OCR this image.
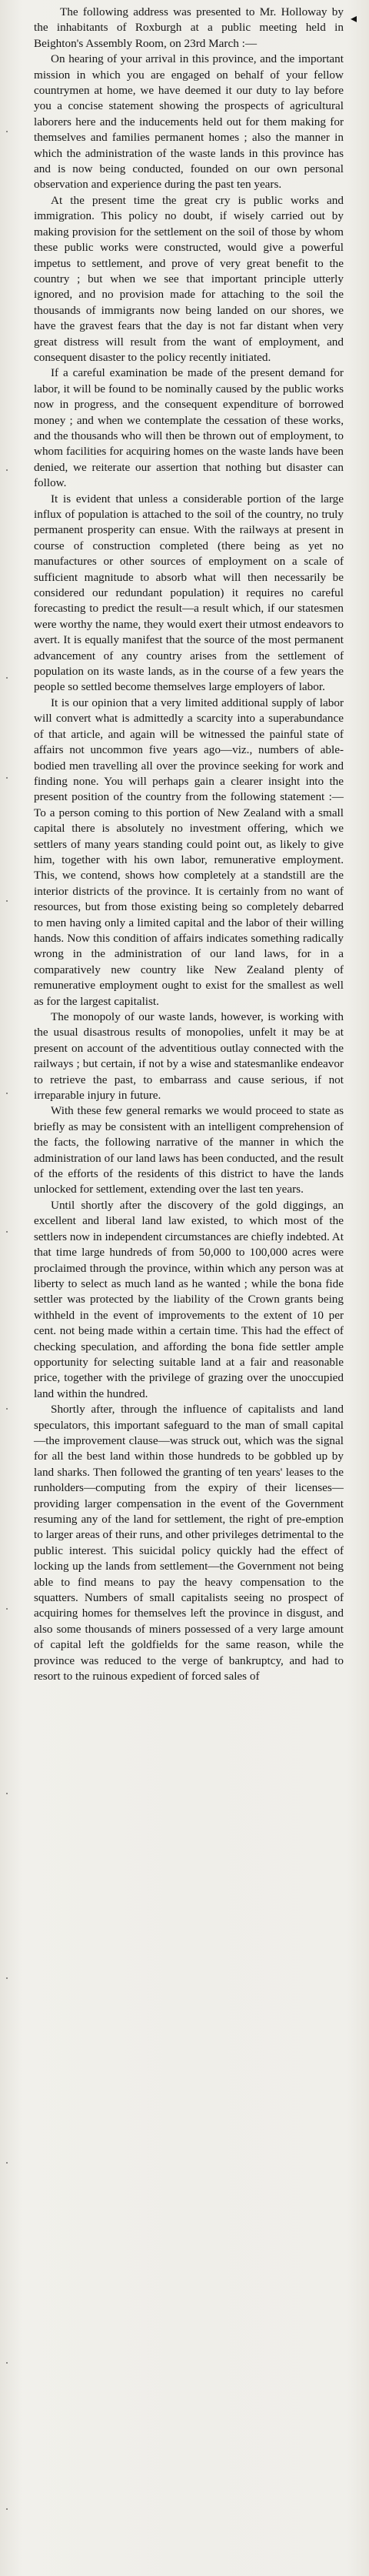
◂

The following address was presented to Mr. Holloway by the inhabitants of Roxburgh at a public meeting held in Beighton's Assembly Room, on 23rd March :—

On hearing of your arrival in this province, and the important mission in which you are engaged on behalf of your fellow countrymen at home, we have deemed it our duty to lay before you a concise statement showing the prospects of agricultural laborers here and the inducements held out for them making for themselves and families permanent homes ; also the manner in which the administration of the waste lands in this province has and is now being conducted, founded on our own personal observation and experience during the past ten years.

At the present time the great cry is public works and immigration. This policy no doubt, if wisely carried out by making provision for the settlement on the soil of those by whom these public works were constructed, would give a powerful impetus to settlement, and prove of very great benefit to the country ; but when we see that important principle utterly ignored, and no provision made for attaching to the soil the thousands of immigrants now being landed on our shores, we have the gravest fears that the day is not far distant when very great distress will result from the want of employment, and consequent disaster to the policy recently initiated.

If a careful examination be made of the present demand for labor, it will be found to be nominally caused by the public works now in progress, and the consequent expenditure of borrowed money ; and when we contemplate the cessation of these works, and the thousands who will then be thrown out of employment, to whom facilities for acquiring homes on the waste lands have been denied, we reiterate our assertion that nothing but disaster can follow.

It is evident that unless a considerable portion of the large influx of population is attached to the soil of the country, no truly permanent prosperity can ensue. With the railways at present in course of construction completed (there being as yet no manufactures or other sources of employment on a scale of sufficient magnitude to absorb what will then necessarily be considered our redundant population) it requires no careful forecasting to predict the result—a result which, if our statesmen were worthy the name, they would exert their utmost endeavors to avert. It is equally manifest that the source of the most permanent advancement of any country arises from the settlement of population on its waste lands, as in the course of a few years the people so settled become themselves large employers of labor.

It is our opinion that a very limited additional supply of labor will convert what is admittedly a scarcity into a superabundance of that article, and again will be witnessed the painful state of affairs not uncommon five years ago—viz., numbers of able-bodied men travelling all over the province seeking for work and finding none. You will perhaps gain a clearer insight into the present position of the country from the following statement :— To a person coming to this portion of New Zealand with a small capital there is absolutely no investment offering, which we settlers of many years standing could point out, as likely to give him, together with his own labor, remunerative employment. This, we contend, shows how completely at a standstill are the interior districts of the province. It is certainly from no want of resources, but from those existing being so completely debarred to men having only a limited capital and the labor of their willing hands. Now this condition of affairs indicates something radically wrong in the administration of our land laws, for in a comparatively new country like New Zealand plenty of remunerative employment ought to exist for the smallest as well as for the largest capitalist.

The monopoly of our waste lands, however, is working with the usual disastrous results of monopolies, unfelt it may be at present on account of the adventitious outlay connected with the railways ; but certain, if not by a wise and statesmanlike endeavor to retrieve the past, to embarrass and cause serious, if not irreparable injury in future.

With these few general remarks we would proceed to state as briefly as may be consistent with an intelligent comprehension of the facts, the following narrative of the manner in which the administration of our land laws has been conducted, and the result of the efforts of the residents of this district to have the lands unlocked for settlement, extending over the last ten years.

Until shortly after the discovery of the gold diggings, an excellent and liberal land law existed, to which most of the settlers now in independent circumstances are chiefly indebted. At that time large hundreds of from 50,000 to 100,000 acres were proclaimed through the province, within which any person was at liberty to select as much land as he wanted ; while the bona fide settler was protected by the liability of the Crown grants being withheld in the event of improvements to the extent of 10 per cent. not being made within a certain time. This had the effect of checking speculation, and affording the bona fide settler ample opportunity for selecting suitable land at a fair and reasonable price, together with the privilege of grazing over the unoccupied land within the hundred.

Shortly after, through the influence of capitalists and land speculators, this important safeguard to the man of small capital—the improvement clause—was struck out, which was the signal for all the best land within those hundreds to be gobbled up by land sharks. Then followed the granting of ten years' leases to the runholders—computing from the expiry of their licenses—providing larger compensation in the event of the Government resuming any of the land for settlement, the right of pre-emption to larger areas of their runs, and other privileges detrimental to the public interest. This suicidal policy quickly had the effect of locking up the lands from settlement—the Government not being able to find means to pay the heavy compensation to the squatters. Numbers of small capitalists seeing no prospect of acquiring homes for themselves left the province in disgust, and also some thousands of miners possessed of a very large amount of capital left the goldfields for the same reason, while the province was reduced to the verge of bankruptcy, and had to resort to the ruinous expedient of forced sales of
